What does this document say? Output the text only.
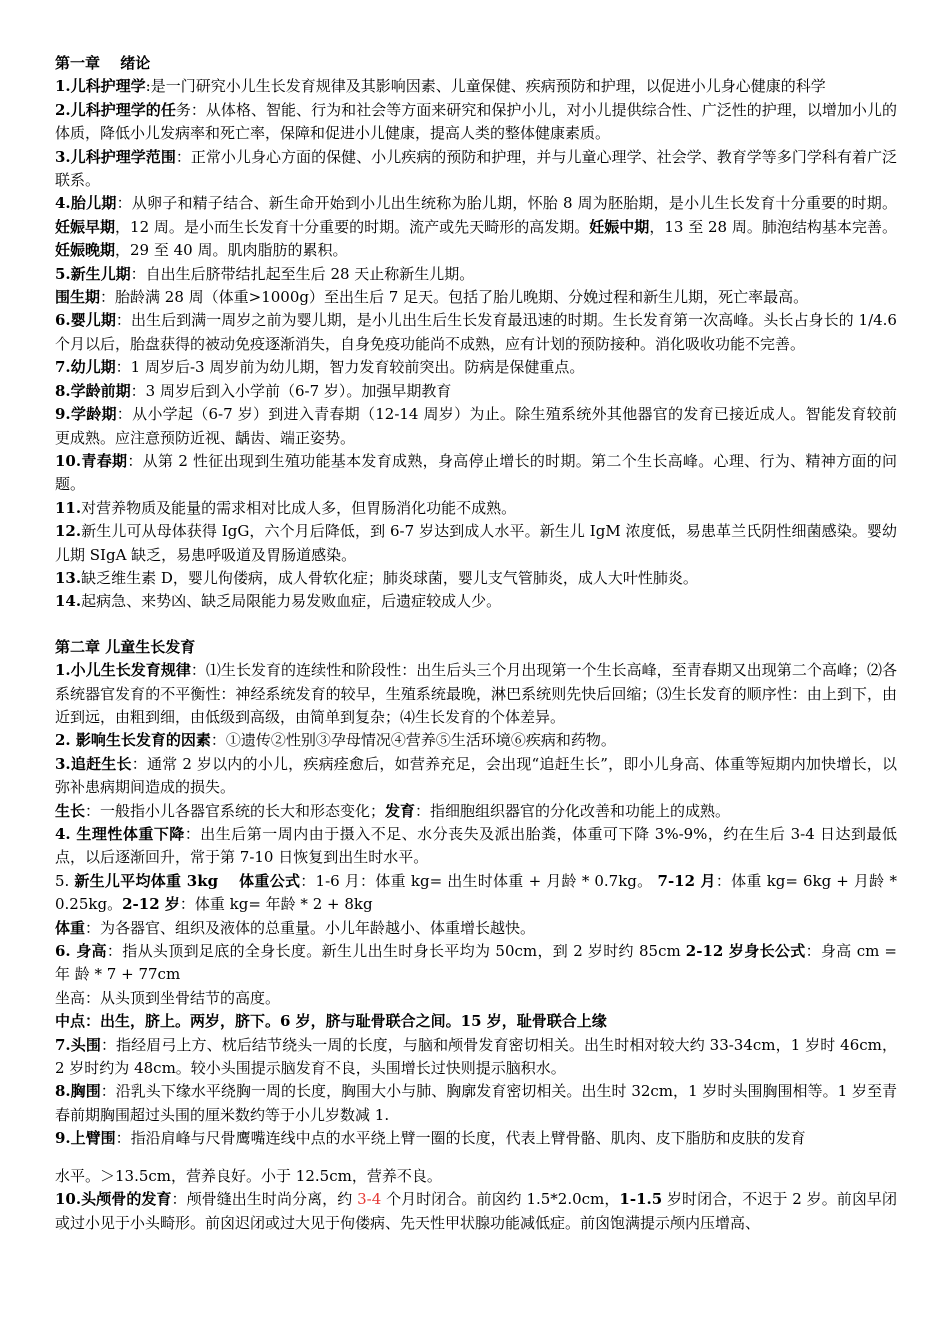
第一章　 绪论

1.儿科护理学:是一门研究小儿生长发育规律及其影响因素、儿童保健、疾病预防和护理，以促进小儿身心健康的科学

2.儿科护理学的任务：从体格、智能、行为和社会等方面来研究和保护小儿，对小儿提供综合性、广泛性的护理，以增加小儿的体质，降低小儿发病率和死亡率，保障和促进小儿健康，提高人类的整体健康素质。

3.儿科护理学范围：正常小儿身心方面的保健、小儿疾病的预防和护理，并与儿童心理学、社会学、教育学等多门学科有着广泛联系。

4.胎儿期：从卵子和精子结合、新生命开始到小儿出生统称为胎儿期，怀胎 8 周为胚胎期，是小儿生长发育十分重要的时期。妊娠早期，12 周。是小而生长发育十分重要的时期。流产或先天畸形的高发期。妊娠中期，13 至 28 周。肺泡结构基本完善。妊娠晚期，29 至 40 周。肌肉脂肪的累积。

5.新生儿期：自出生后脐带结扎起至生后 28 天止称新生儿期。

围生期：胎龄满 28 周（体重>1000g）至出生后 7 足天。包括了胎儿晚期、分娩过程和新生儿期，死亡率最高。

6.婴儿期：出生后到满一周岁之前为婴儿期，是小儿出生后生长发育最迅速的时期。生长发育第一次高峰。头长占身长的 1/4.6 个月以后，胎盘获得的被动免疫逐渐消失，自身免疫功能尚不成熟，应有计划的预防接种。消化吸收功能不完善。

7.幼儿期：1 周岁后-3 周岁前为幼儿期，智力发育较前突出。防病是保健重点。

8.学龄前期：3 周岁后到入小学前（6-7 岁）。加强早期教育

9.学龄期：从小学起（6-7 岁）到进入青春期（12-14 周岁）为止。除生殖系统外其他器官的发育已接近成人。智能发育较前更成熟。应注意预防近视、龋齿、端正姿势。

10.青春期：从第 2 性征出现到生殖功能基本发育成熟，身高停止增长的时期。第二个生长高峰。心理、行为、精神方面的问题。

11.对营养物质及能量的需求相对比成人多，但胃肠消化功能不成熟。

12.新生儿可从母体获得 IgG，六个月后降低，到 6-7 岁达到成人水平。新生儿 IgM 浓度低，易患革兰氏阴性细菌感染。婴幼儿期 SIgA 缺乏，易患呼吸道及胃肠道感染。

13.缺乏维生素 D，婴儿佝偻病，成人骨软化症；肺炎球菌，婴儿支气管肺炎，成人大叶性肺炎。

14.起病急、来势凶、缺乏局限能力易发败血症，后遗症较成人少。

第二章 儿童生长发育

1.小儿生长发育规律：⑴生长发育的连续性和阶段性：出生后头三个月出现第一个生长高峰，至青春期又出现第二个高峰；⑵各系统器官发育的不平衡性：神经系统发育的较早，生殖系统最晚，淋巴系统则先快后回缩；⑶生长发育的顺序性：由上到下，由近到远，由粗到细，由低级到高级，由简单到复杂；⑷生长发育的个体差异。

2. 影响生长发育的因素：①遗传②性别③孕母情况④营养⑤生活环境⑥疾病和药物。

3.追赶生长：通常 2 岁以内的小儿，疾病痊愈后，如营养充足，会出现“追赶生长”，即小儿身高、体重等短期内加快增长，以弥补患病期间造成的损失。

生长：一般指小儿各器官系统的长大和形态变化；发育：指细胞组织器官的分化改善和功能上的成熟。

4. 生理性体重下降：出生后第一周内由于摄入不足、水分丧失及派出胎粪，体重可下降 3%-9%，约在生后 3-4 日达到最低点，以后逐渐回升，常于第 7-10 日恢复到出生时水平。

5. 新生儿平均体重 3kg　 体重公式：1-6 月：体重 kg= 出生时体重 + 月龄 * 0.7kg。 7-12 月：体重 kg= 6kg + 月龄 * 0.25kg。2-12 岁：体重 kg= 年龄 * 2 + 8kg

体重：为各器官、组织及液体的总重量。小儿年龄越小、体重增长越快。

6. 身高：指从头顶到足底的全身长度。新生儿出生时身长平均为 50cm，到 2 岁时约 85cm 2-12 岁身长公式：身高 cm = 年 龄 * 7 + 77cm

坐高：从头顶到坐骨结节的高度。

中点：出生，脐上。两岁，脐下。6 岁，脐与耻骨联合之间。15 岁，耻骨联合上缘

7.头围：指经眉弓上方、枕后结节绕头一周的长度，与脑和颅骨发育密切相关。出生时相对较大约 33-34cm，1 岁时 46cm，2 岁时约为 48cm。较小头围提示脑发育不良，头围增长过快则提示脑积水。

8.胸围：沿乳头下缘水平绕胸一周的长度，胸围大小与肺、胸廓发育密切相关。出生时 32cm，1 岁时头围胸围相等。1 岁至青春前期胸围超过头围的厘米数约等于小儿岁数减 1.

9.上臂围：指沿肩峰与尺骨鹰嘴连线中点的水平绕上臂一圈的长度，代表上臂骨骼、肌肉、皮下脂肪和皮肤的发育

水平。＞13.5cm，营养良好。小于 12.5cm，营养不良。

10.头颅骨的发育：颅骨缝出生时尚分离，约 3-4 个月时闭合。前囟约 1.5*2.0cm，1-1.5 岁时闭合，不迟于 2 岁。前囟早闭或过小见于小头畸形。前囟迟闭或过大见于佝偻病、先天性甲状腺功能减低症。前囟饱满提示颅内压增高、
